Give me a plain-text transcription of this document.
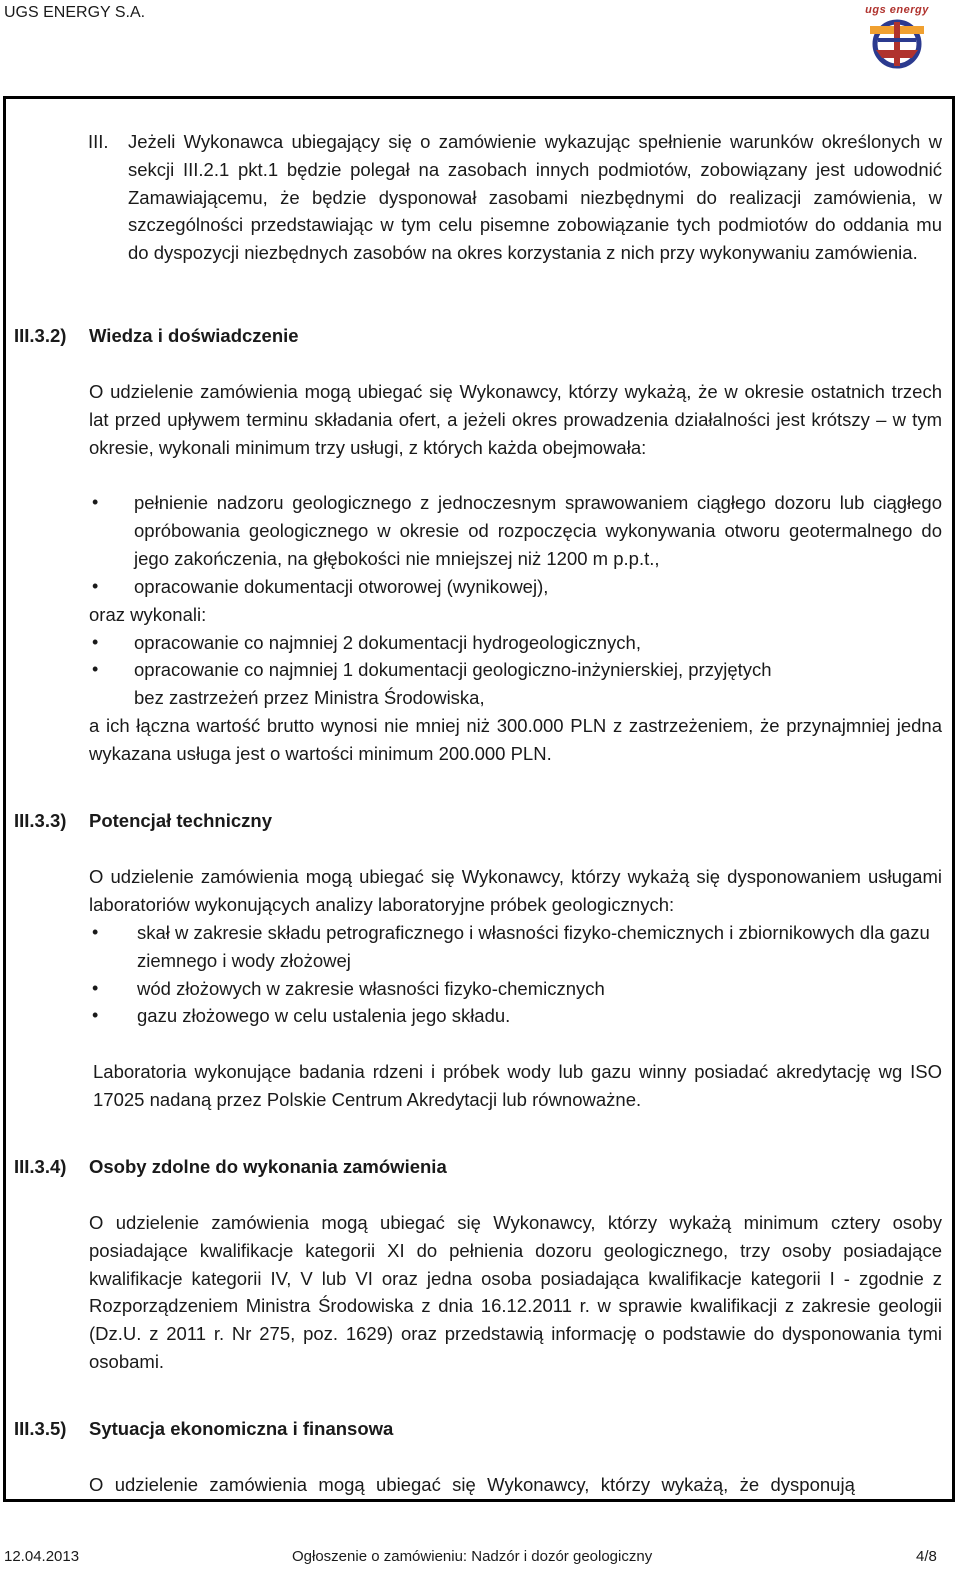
UGS ENERGY S.A.	ugs energy
III. Jeżeli Wykonawca ubiegający się o zamówienie wykazując spełnienie warunków określonych w sekcji III.2.1 pkt.1 będzie polegał na zasobach innych podmiotów, zobowiązany jest udowodnić Zamawiającemu, że będzie dysponował zasobami niezbędnymi do realizacji zamówienia, w szczególności przedstawiając w tym celu pisemne zobowiązanie tych podmiotów do oddania mu do dyspozycji niezbędnych zasobów na okres korzystania z nich przy wykonywaniu zamówienia.
III.3.2) Wiedza i doświadczenie
O udzielenie zamówienia mogą ubiegać się Wykonawcy, którzy wykażą, że w okresie ostatnich trzech lat przed upływem terminu składania ofert, a jeżeli okres prowadzenia działalności jest krótszy – w tym okresie, wykonali minimum trzy usługi, z których każda obejmowała:
•	pełnienie nadzoru geologicznego z jednoczesnym sprawowaniem ciągłego dozoru lub ciągłego opróbowania geologicznego w okresie od rozpoczęcia wykonywania otworu geotermalnego do jego zakończenia, na głębokości nie mniejszej niż 1200 m p.p.t.,
•	opracowanie dokumentacji otworowej (wynikowej),
oraz wykonali:
•	opracowanie co najmniej 2 dokumentacji hydrogeologicznych,
•	opracowanie co najmniej 1 dokumentacji geologiczno-inżynierskiej, przyjętych bez zastrzeżeń przez Ministra Środowiska,
a ich łączna wartość brutto wynosi nie mniej niż 300.000 PLN z zastrzeżeniem, że przynajmniej jedna wykazana usługa jest o wartości minimum 200.000 PLN.
III.3.3) Potencjał techniczny
O udzielenie zamówienia mogą ubiegać się Wykonawcy, którzy wykażą się dysponowaniem usługami laboratoriów wykonujących analizy laboratoryjne próbek geologicznych:
•	skał w zakresie składu petrograficznego i własności fizyko-chemicznych i zbiornikowych dla gazu ziemnego i wody złożowej
•	wód złożowych w zakresie własności fizyko-chemicznych
•	gazu złożowego w celu ustalenia jego składu.
Laboratoria wykonujące badania rdzeni i próbek wody lub gazu winny posiadać akredytację wg ISO 17025 nadaną przez Polskie Centrum Akredytacji lub równoważne.
III.3.4) Osoby zdolne do wykonania zamówienia
O udzielenie zamówienia mogą ubiegać się Wykonawcy, którzy wykażą minimum cztery osoby posiadające kwalifikacje kategorii XI do pełnienia dozoru geologicznego, trzy osoby posiadające kwalifikacje kategorii IV, V lub VI oraz jedna osoba posiadająca kwalifikacje kategorii I - zgodnie z Rozporządzeniem Ministra Środowiska z dnia 16.12.2011 r. w sprawie kwalifikacji z zakresie geologii (Dz.U. z 2011 r. Nr 275, poz. 1629) oraz przedstawią informację o podstawie do dysponowania tymi osobami.
III.3.5) Sytuacja ekonomiczna i finansowa
O udzielenie zamówienia mogą ubiegać się Wykonawcy, którzy wykażą, że dysponują
12.04.2013	Ogłoszenie o zamówieniu: Nadzór i dozór geologiczny	4/8
